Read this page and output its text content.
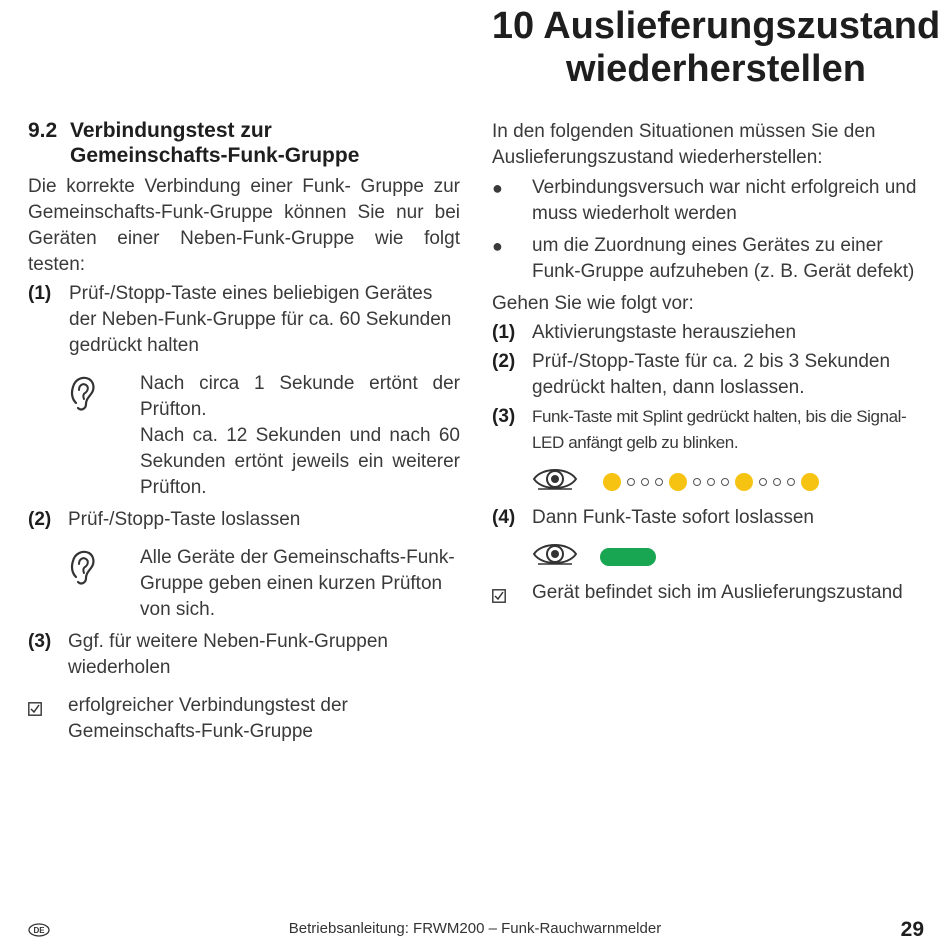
9.2 Verbindungstest zur
Gemeinschafts-Funk-Gruppe
Die korrekte Verbindung einer Funk- Gruppe zur Gemeinschafts-Funk-Gruppe können Sie nur bei Geräten einer Neben-Funk-Gruppe wie folgt testen:
(1) Prüf-/Stopp-Taste eines beliebigen Gerätes der Neben-Funk-Gruppe für ca. 60 Sekunden gedrückt halten

Nach circa 1 Sekunde ertönt der Prüfton.

Nach ca. 12 Sekunden und nach 60 Sekunden ertönt jeweils ein weiterer Prüfton.

(2) Prüf-/Stopp-Taste loslassen
Alle Geräte der Gemeinschafts-Funk-Gruppe geben einen kurzen Prüfton von sich.
(3) Ggf. für weitere Neben-Funk-Gruppen wiederholen
erfolgreicher Verbindungstest der Gemeinschafts-Funk-Gruppe
10 Auslieferungszustand
wiederherstellen
In den folgenden Situationen müssen Sie den Auslieferungszustand wiederherstellen:
●	Verbindungsversuch war nicht erfolgreich und muss wiederholt werden
●	um die Zuordnung eines Gerätes zu einer Funk-Gruppe aufzuheben (z. B. Gerät defekt)
Gehen Sie wie folgt vor:
(1) Aktivierungstaste herausziehen
(2) Prüf-/Stopp-Taste für ca. 2 bis 3 Sekunden gedrückt halten, dann loslassen.
(3) Funk-Taste mit Splint gedrückt halten, bis die Signal-LED anfängt gelb zu blinken.
(4) Dann Funk-Taste sofort loslassen
Gerät befindet sich im Auslieferungszustand
DE	Betriebsanleitung: FRWM200 – Funk-Rauchwarnmelder	29
